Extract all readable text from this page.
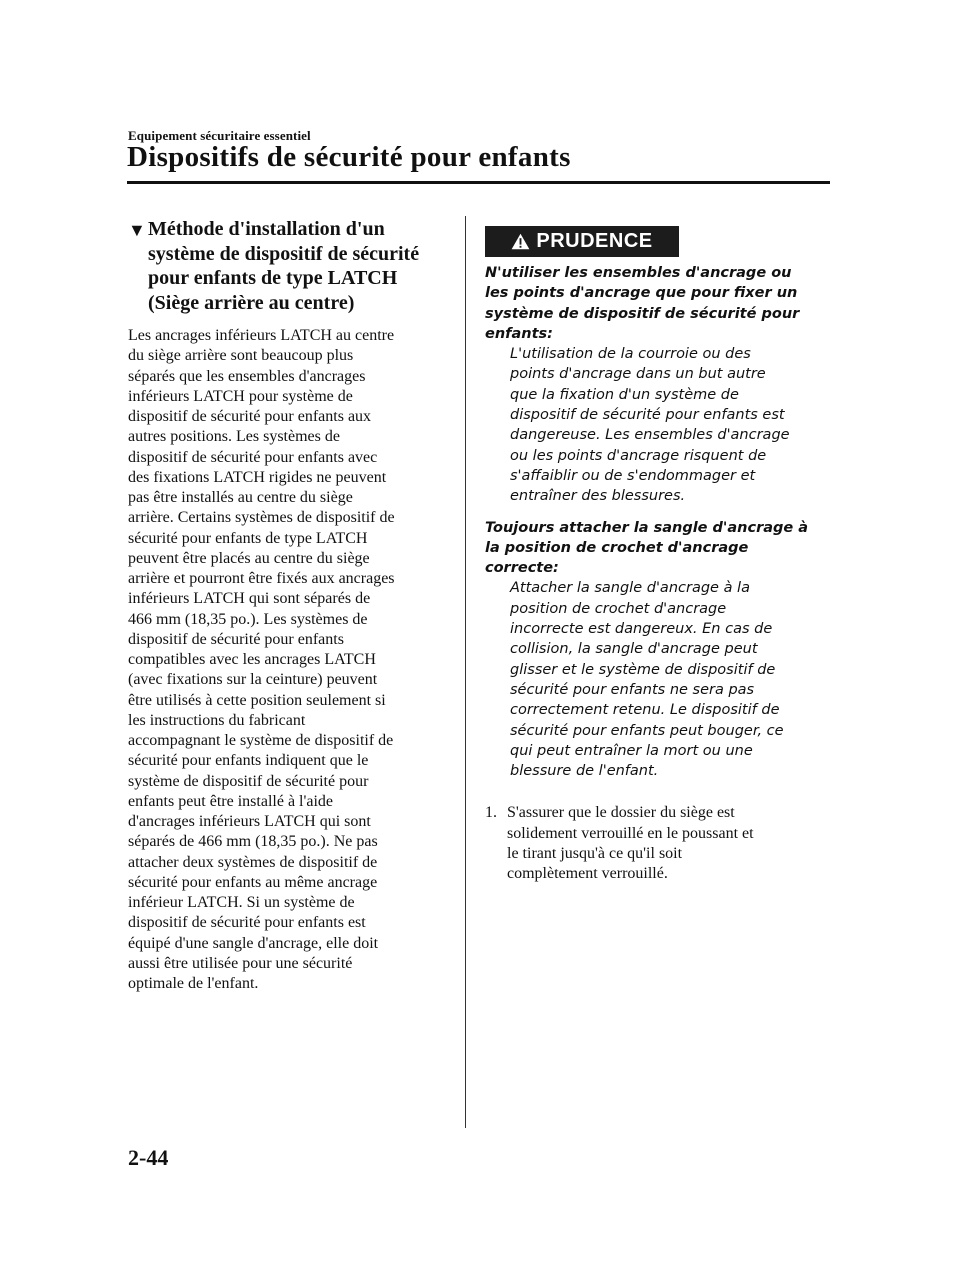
Equipement sécuritaire essentiel
Dispositifs de sécurité pour enfants
▼ Méthode d'installation d'un
système de dispositif de sécurité
pour enfants de type LATCH
(Siège arrière au centre)

Les ancrages inférieurs LATCH au centre
du siège arrière sont beaucoup plus
séparés que les ensembles d'ancrages
inférieurs LATCH pour système de
dispositif de sécurité pour enfants aux
autres positions. Les systèmes de
dispositif de sécurité pour enfants avec
des fixations LATCH rigides ne peuvent
pas être installés au centre du siège
arrière. Certains systèmes de dispositif de
sécurité pour enfants de type LATCH
peuvent être placés au centre du siège
arrière et pourront être fixés aux ancrages
inférieurs LATCH qui sont séparés de
466 mm (18,35 po.). Les systèmes de
dispositif de sécurité pour enfants
compatibles avec les ancrages LATCH
(avec fixations sur la ceinture) peuvent
être utilisés à cette position seulement si
les instructions du fabricant
accompagnant le système de dispositif de
sécurité pour enfants indiquent que le
système de dispositif de sécurité pour
enfants peut être installé à l'aide
d'ancrages inférieurs LATCH qui sont
séparés de 466 mm (18,35 po.). Ne pas
attacher deux systèmes de dispositif de
sécurité pour enfants au même ancrage
inférieur LATCH. Si un système de
dispositif de sécurité pour enfants est
équipé d'une sangle d'ancrage, elle doit
aussi être utilisée pour une sécurité
optimale de l'enfant.

PRUDENCE

N'utiliser les ensembles d'ancrage ou
les points d'ancrage que pour fixer un
système de dispositif de sécurité pour
enfants:

L'utilisation de la courroie ou des
points d'ancrage dans un but autre
que la fixation d'un système de
dispositif de sécurité pour enfants est
dangereuse. Les ensembles d'ancrage
ou les points d'ancrage risquent de
s'affaiblir ou de s'endommager et
entraîner des blessures.

Toujours attacher la sangle d'ancrage à
la position de crochet d'ancrage
correcte:

Attacher la sangle d'ancrage à la
position de crochet d'ancrage
incorrecte est dangereux. En cas de
collision, la sangle d'ancrage peut
glisser et le système de dispositif de
sécurité pour enfants ne sera pas
correctement retenu. Le dispositif de
sécurité pour enfants peut bouger, ce
qui peut entraîner la mort ou une
blessure de l'enfant.

1. S'assurer que le dossier du siège est
solidement verrouillé en le poussant et
le tirant jusqu'à ce qu'il soit
complètement verrouillé.
2-44
